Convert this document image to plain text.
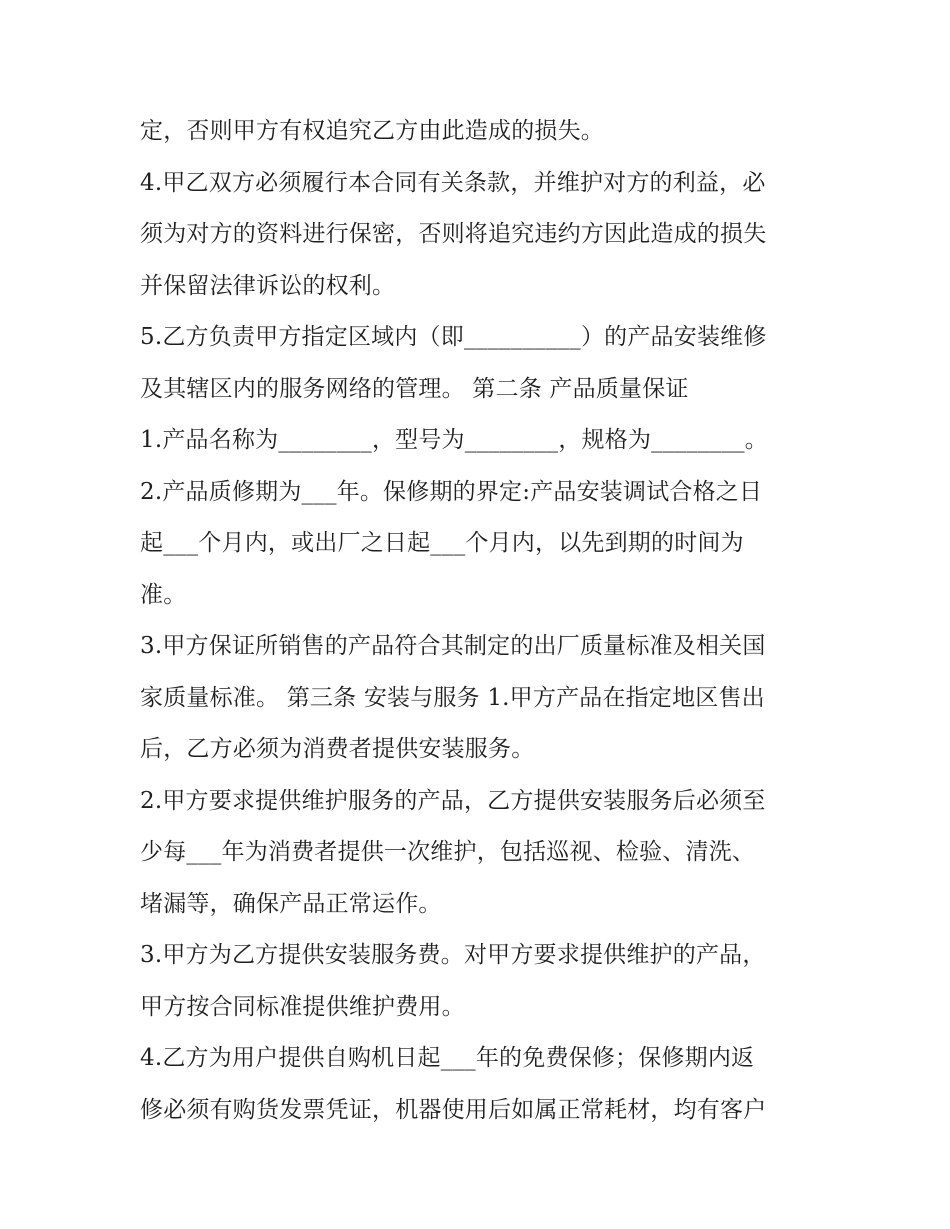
定，否则甲方有权追究乙方由此造成的损失。
4.甲乙双方必须履行本合同有关条款，并维护对方的利益，必
须为对方的资料进行保密，否则将追究违约方因此造成的损失
并保留法律诉讼的权利。
5.乙方负责甲方指定区域内（即__________）的产品安装维修
及其辖区内的服务网络的管理。 第二条 产品质量保证
1.产品名称为________，型号为________，规格为________。
2.产品质修期为___年。保修期的界定:产品安装调试合格之日
起___个月内，或出厂之日起___个月内，以先到期的时间为
准。
3.甲方保证所销售的产品符合其制定的出厂质量标准及相关国
家质量标准。 第三条 安装与服务 1.甲方产品在指定地区售出
后，乙方必须为消费者提供安装服务。
2.甲方要求提供维护服务的产品，乙方提供安装服务后必须至
少每___年为消费者提供一次维护，包括巡视、检验、清洗、
堵漏等，确保产品正常运作。
3.甲方为乙方提供安装服务费。对甲方要求提供维护的产品，
甲方按合同标准提供维护费用。
4.乙方为用户提供自购机日起___年的免费保修；保修期内返
修必须有购货发票凭证，机器使用后如属正常耗材，均有客户
